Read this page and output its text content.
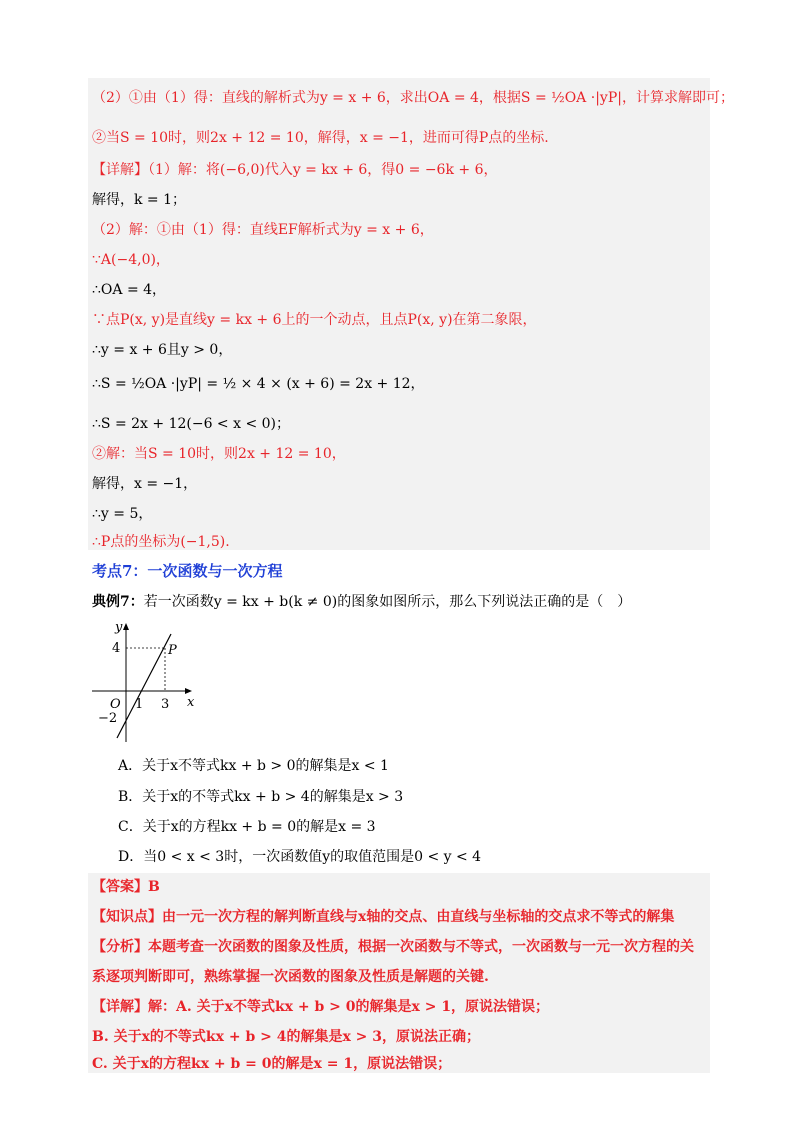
（2）①由（1）得：直线的解析式为y = x + 6，求出OA = 4，根据S = ½OA ·|yP|，计算求解即可；
②当S = 10时，则2x + 12 = 10，解得，x = −1，进而可得P点的坐标.
【详解】（1）解：将(−6,0)代入y = kx + 6，得0 = −6k + 6，
解得，k = 1；
（2）解：①由（1）得：直线EF解析式为y = x + 6，
∵A(−4,0)，
∴OA = 4，
∵点P(x, y)是直线y = kx + 6上的一个动点，且点P(x, y)在第二象限，
∴y = x + 6且y > 0，
∴S = ½OA ·|yP| = ½ × 4 × (x + 6) = 2x + 12，
∴S = 2x + 12(−6 < x < 0)；
②解：当S = 10时，则2x + 12 = 10，
解得，x = −1，
∴y = 5，
∴P点的坐标为(−1,5).
考点7：一次函数与一次方程
典例7：若一次函数y = kx + b(k ≠ 0)的图象如图所示，那么下列说法正确的是（　）
y
x
O
P
4
−2
1 3
A．关于x不等式kx + b > 0的解集是x < 1
B．关于x的不等式kx + b > 4的解集是x > 3
C．关于x的方程kx + b = 0的解是x = 3
D．当0 < x < 3时，一次函数值y的取值范围是0 < y < 4
【答案】B
【知识点】由一元一次方程的解判断直线与x轴的交点、由直线与坐标轴的交点求不等式的解集
【分析】本题考查一次函数的图象及性质，根据一次函数与不等式，一次函数与一元一次方程的关
系逐项判断即可，熟练掌握一次函数的图象及性质是解题的关键.
【详解】解：A. 关于x不等式kx + b > 0的解集是x > 1，原说法错误；
B. 关于x的不等式kx + b > 4的解集是x > 3，原说法正确；
C. 关于x的方程kx + b = 0的解是x = 1，原说法错误；
